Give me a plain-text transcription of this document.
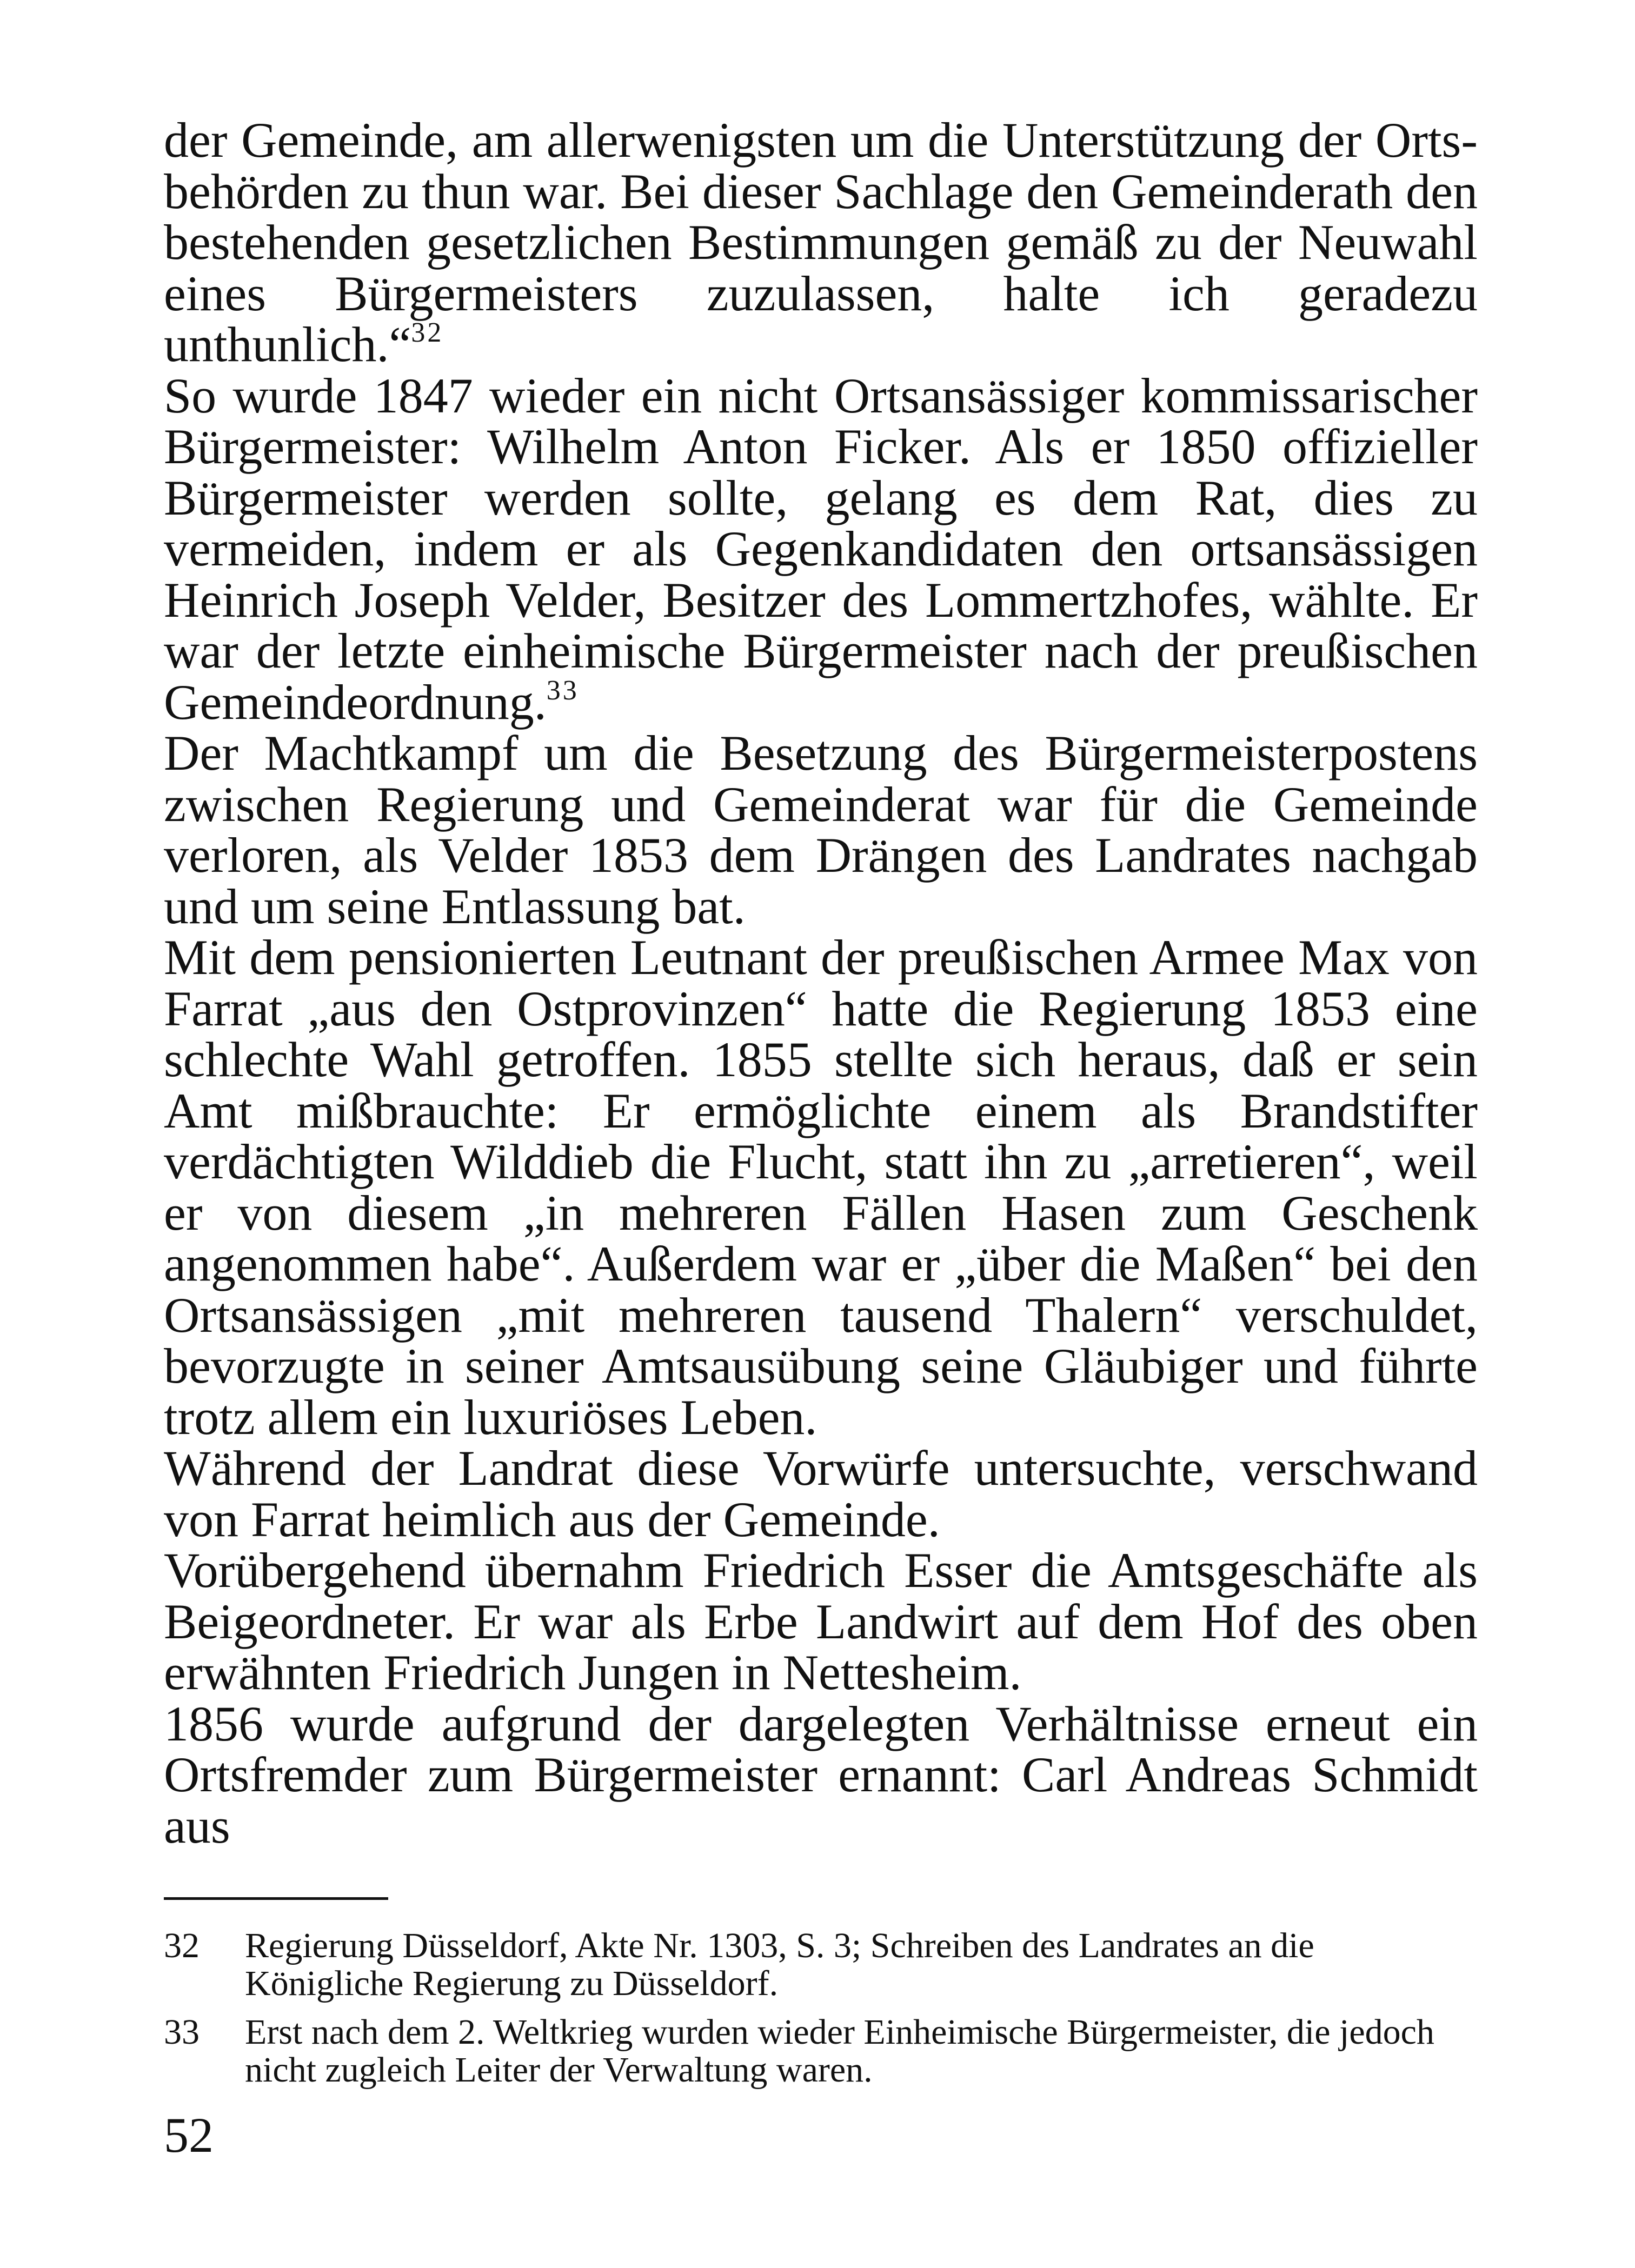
der Gemeinde, am allerwenigsten um die Unterstützung der Ortsbehörden zu thun war. Bei dieser Sachlage den Gemeinderath den bestehenden gesetzlichen Bestimmungen gemäß zu der Neuwahl eines Bürgermeisters zuzulassen, halte ich geradezu unthunlich.“$^{32}$

So wurde 1847 wieder ein nicht Ortsansässiger kommissarischer Bürgermeister: Wilhelm Anton Ficker. Als er 1850 offizieller Bürgermeister werden sollte, gelang es dem Rat, dies zu vermeiden, indem er als Gegenkandidaten den ortsansässigen Heinrich Joseph Velder, Besitzer des Lommertzhofes, wählte. Er war der letzte einheimische Bürgermeister nach der preußischen Gemeindeordnung.$^{33}$

Der Machtkampf um die Besetzung des Bürgermeisterpostens zwischen Regierung und Gemeinderat war für die Gemeinde verloren, als Velder 1853 dem Drängen des Landrates nachgab und um seine Entlassung bat.

Mit dem pensionierten Leutnant der preußischen Armee Max von Farrat „aus den Ostprovinzen“ hatte die Regierung 1853 eine schlechte Wahl getroffen. 1855 stellte sich heraus, daß er sein Amt mißbrauchte: Er ermöglichte einem als Brandstifter verdächtigten Wilddieb die Flucht, statt ihn zu „arretieren“, weil er von diesem „in mehreren Fällen Hasen zum Geschenk angenommen habe“. Außerdem war er „über die Maßen“ bei den Ortsansässigen „mit mehreren tausend Thalern“ verschuldet, bevorzugte in seiner Amtsausübung seine Gläubiger und führte trotz allem ein luxuriöses Leben.

Während der Landrat diese Vorwürfe untersuchte, verschwand von Farrat heimlich aus der Gemeinde.

Vorübergehend übernahm Friedrich Esser die Amtsgeschäfte als Beigeordneter. Er war als Erbe Landwirt auf dem Hof des oben erwähnten Friedrich Jungen in Nettesheim.

1856 wurde aufgrund der dargelegten Verhältnisse erneut ein Ortsfremder zum Bürgermeister ernannt: Carl Andreas Schmidt aus

32	Regierung Düsseldorf, Akte Nr. 1303, S. 3; Schreiben des Landrates an die Königliche Regierung zu Düsseldorf.
33	Erst nach dem 2. Weltkrieg wurden wieder Einheimische Bürgermeister, die jedoch nicht zugleich Leiter der Verwaltung waren.
52
